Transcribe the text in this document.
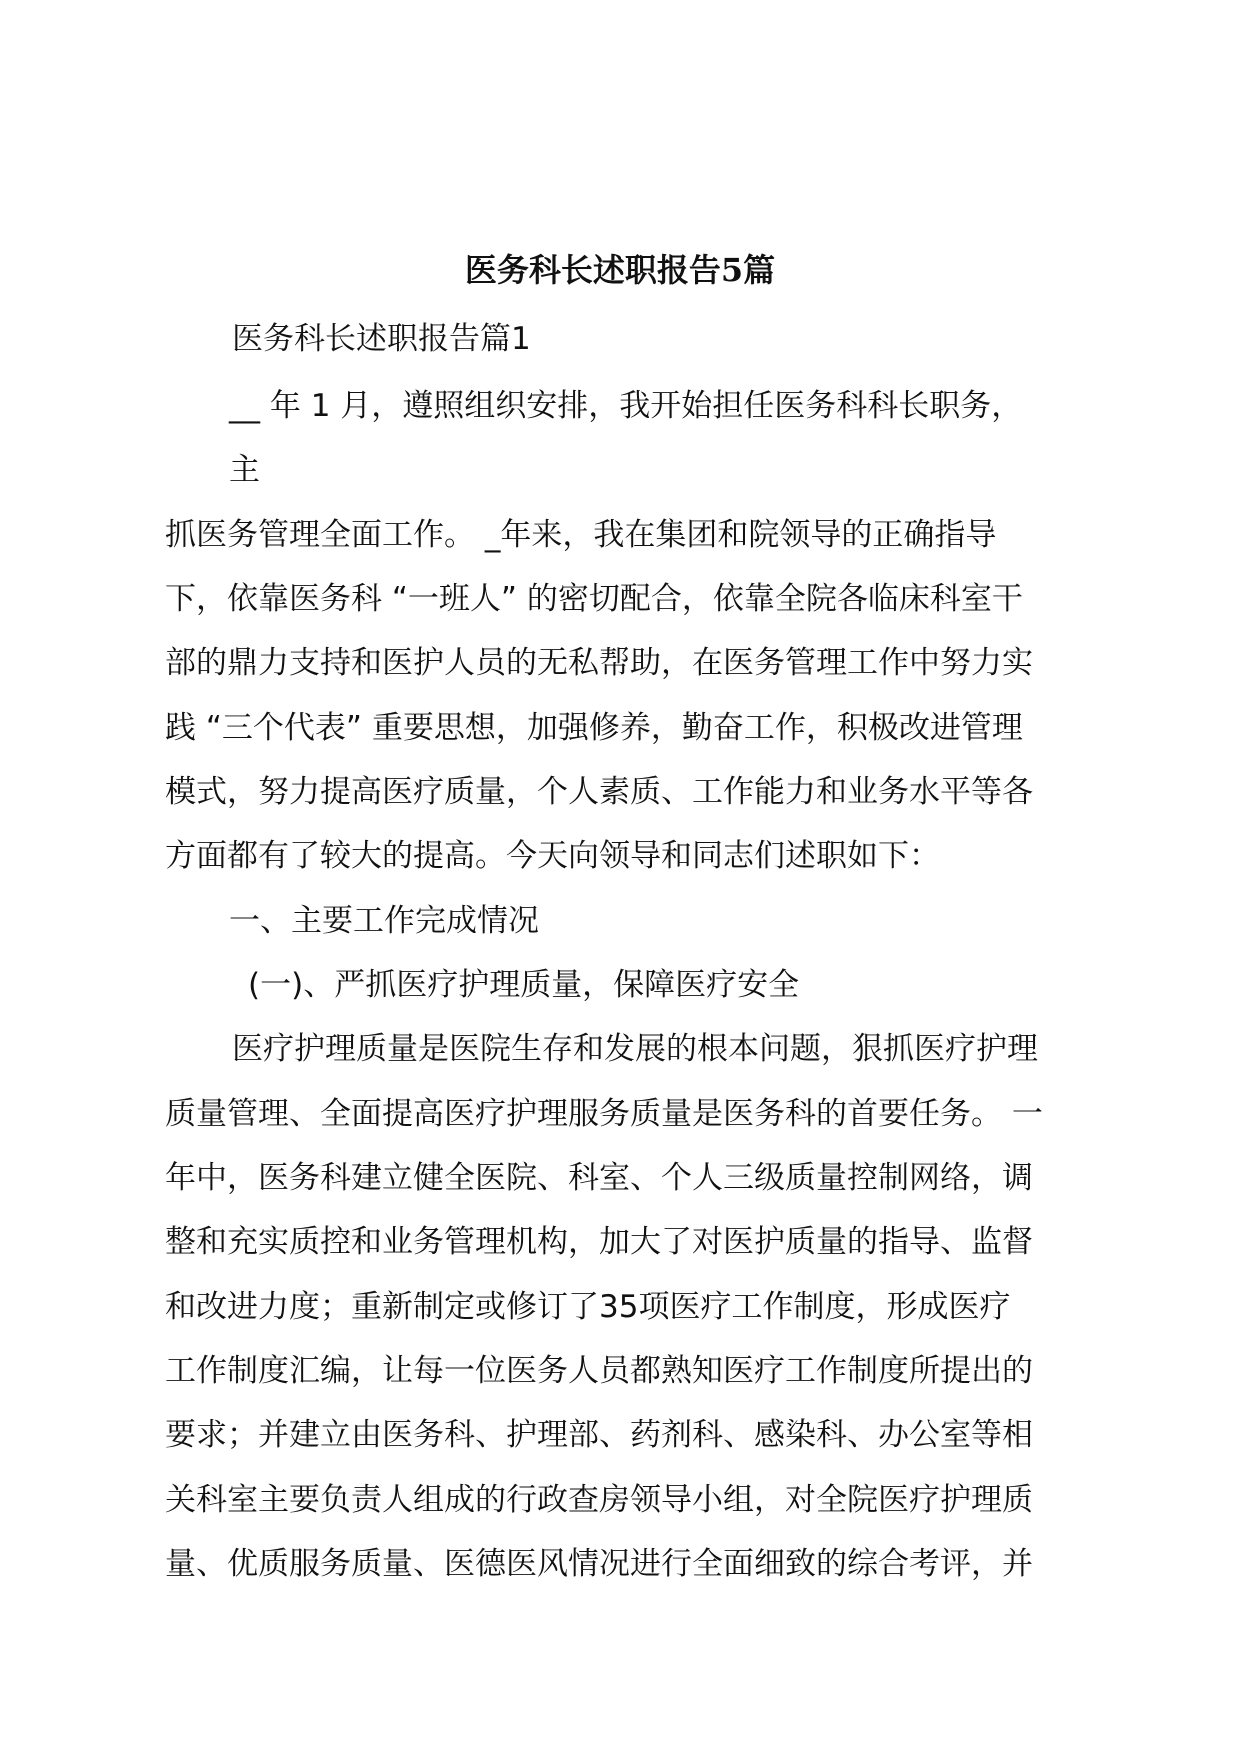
医务科长述职报告5篇
医务科长述职报告篇1
__ 年 1 月，遵照组织安排，我开始担任医务科科长职务，
主
抓医务管理全面工作。 _年来，我在集团和院领导的正确指导
下，依靠医务科 “一班人” 的密切配合，依靠全院各临床科室干
部的鼎力支持和医护人员的无私帮助，在医务管理工作中努力实
践 “三个代表” 重要思想，加强修养，勤奋工作，积极改进管理
模式，努力提高医疗质量，个人素质、工作能力和业务水平等各
方面都有了较大的提高。今天向领导和同志们述职如下：
一、主要工作完成情况
(一)、严抓医疗护理质量，保障医疗安全
医疗护理质量是医院生存和发展的根本问题，狠抓医疗护理
质量管理、全面提高医疗护理服务质量是医务科的首要任务。 一
年中，医务科建立健全医院、科室、个人三级质量控制网络，调
整和充实质控和业务管理机构，加大了对医护质量的指导、监督
和改进力度；重新制定或修订了35项医疗工作制度，形成医疗
工作制度汇编，让每一位医务人员都熟知医疗工作制度所提出的
要求；并建立由医务科、护理部、药剂科、感染科、办公室等相
关科室主要负责人组成的行政查房领导小组，对全院医疗护理质
量、优质服务质量、医德医风情况进行全面细致的综合考评，并
